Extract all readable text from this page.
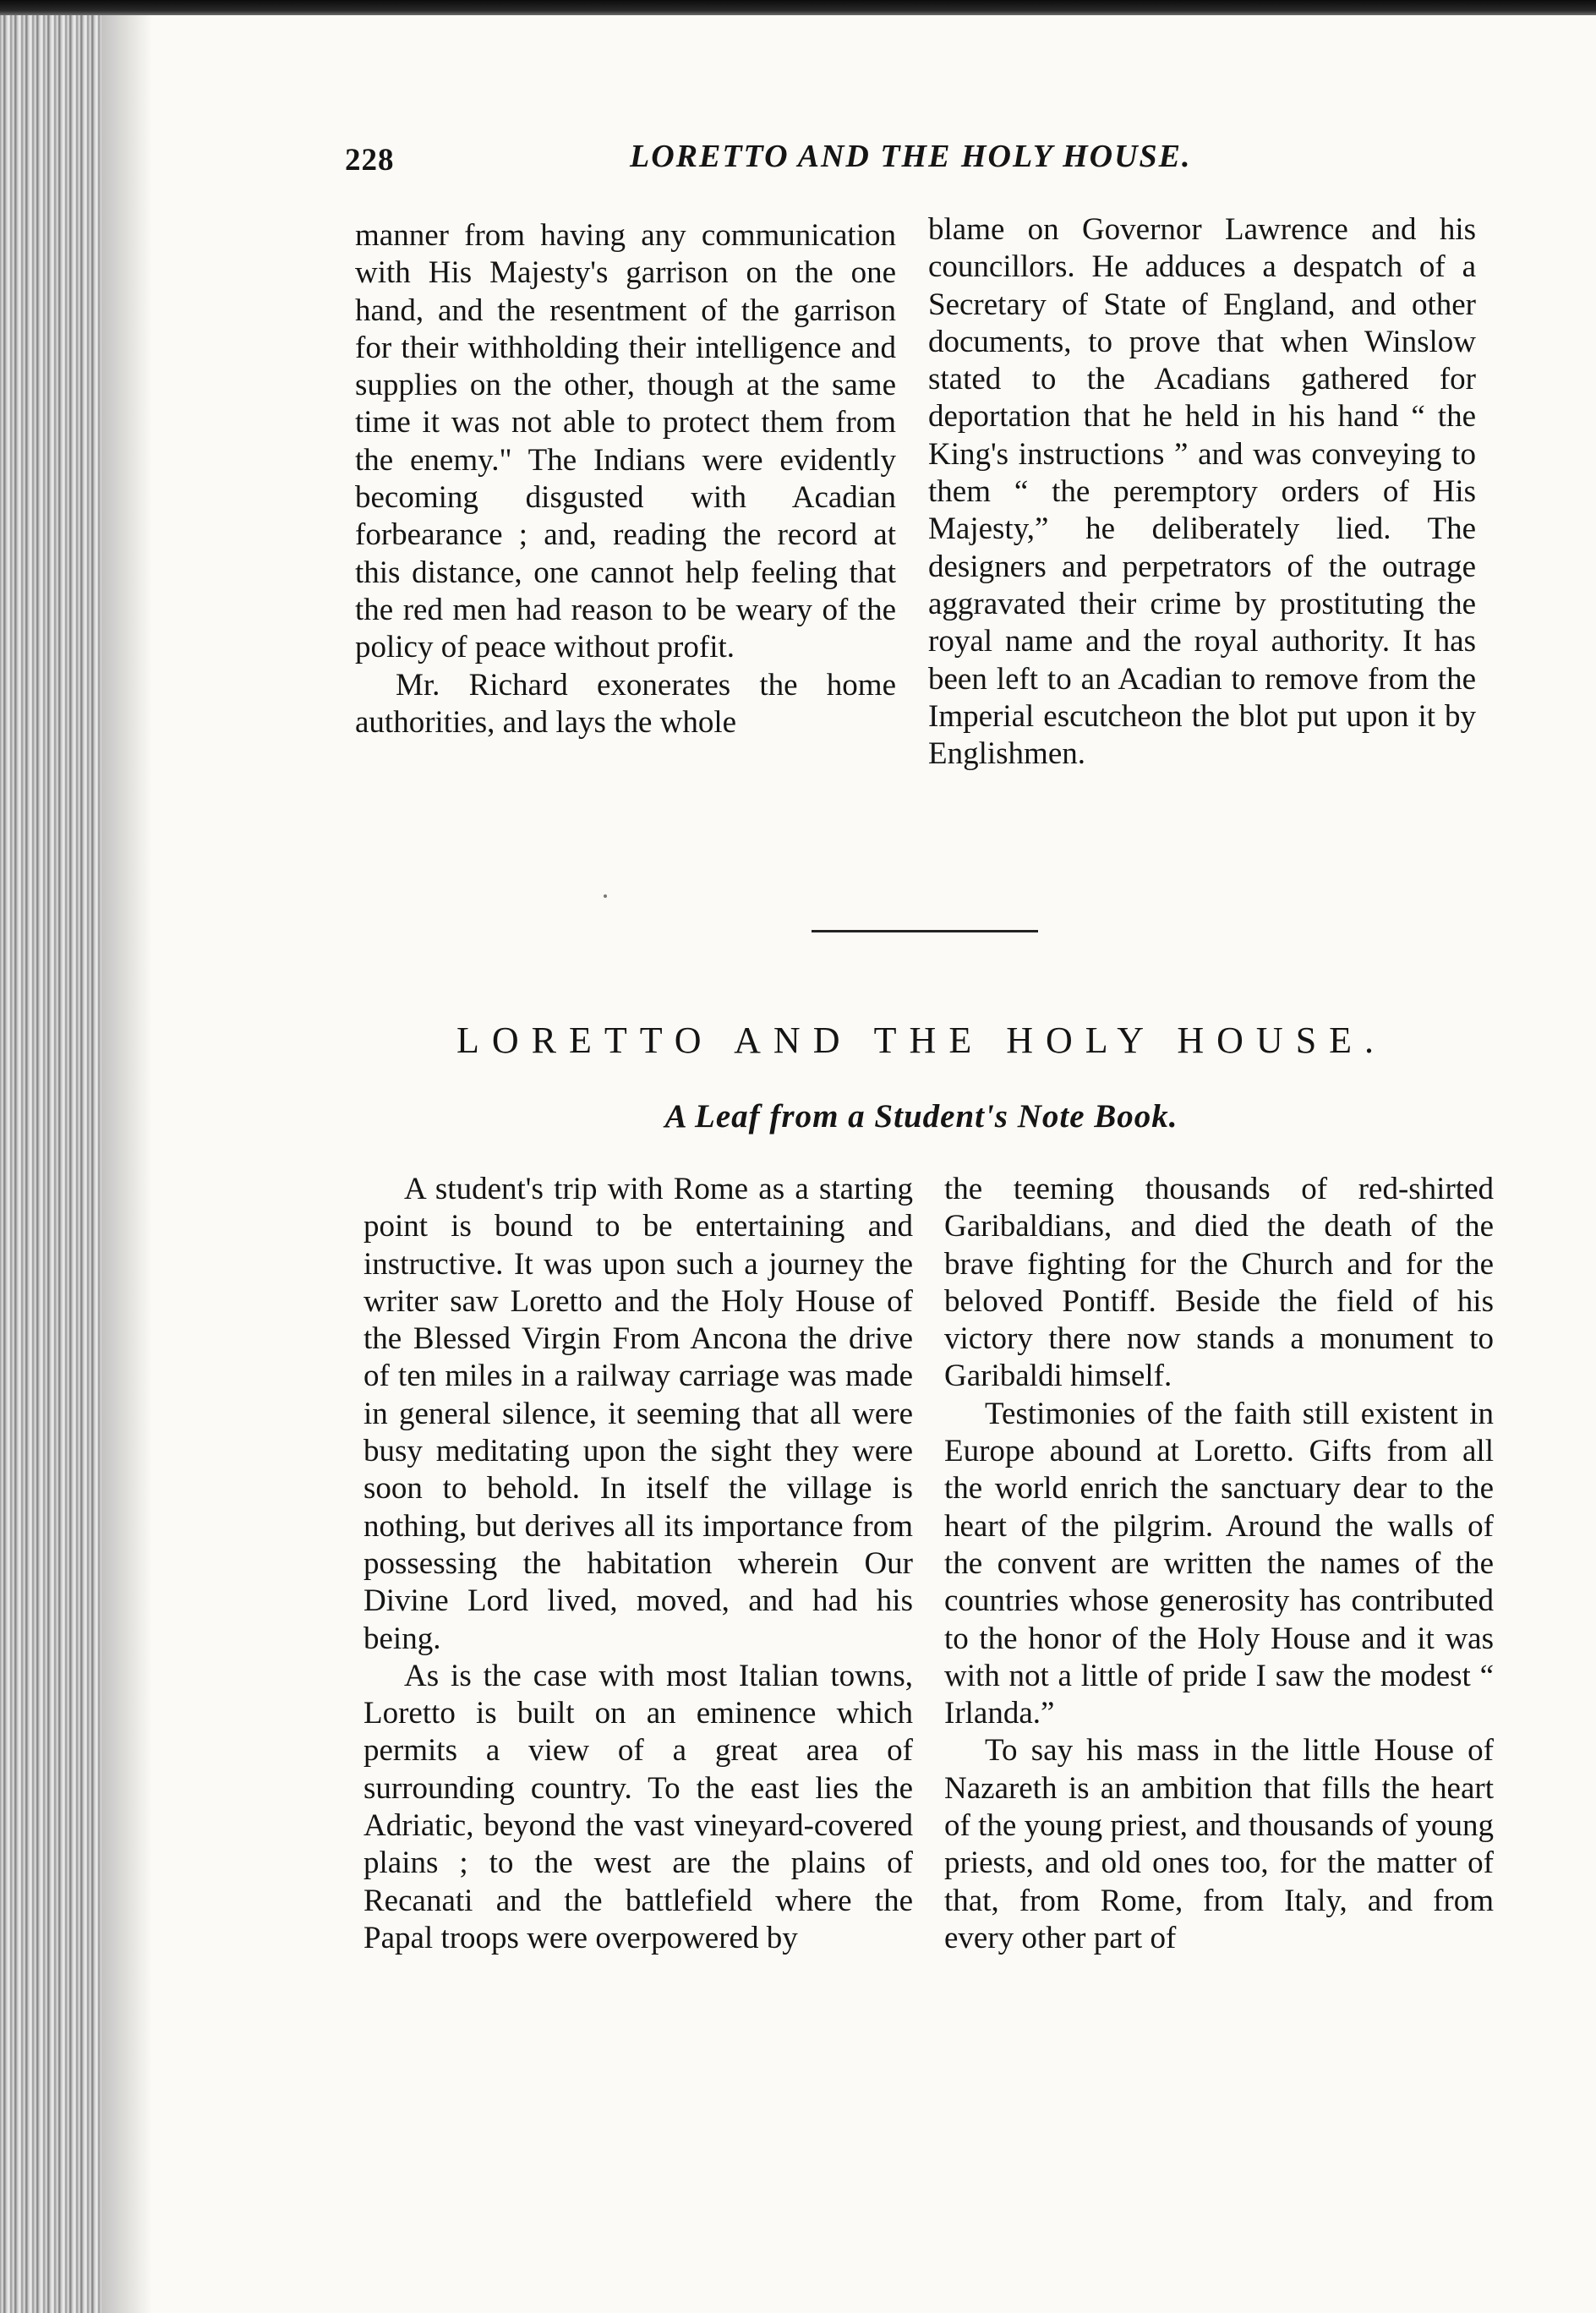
228	LORETTO AND THE HOLY HOUSE.

manner from having any communication with His Majesty's garrison on the one hand, and the resentment of the garrison for their withholding their intelligence and supplies on the other, though at the same time it was not able to protect them from the enemy." The Indians were evidently becoming disgusted with Acadian forbearance ; and, reading the record at this distance, one cannot help feeling that the red men had reason to be weary of the policy of peace without profit.

Mr. Richard exonerates the home authorities, and lays the whole

blame on Governor Lawrence and his councillors. He adduces a despatch of a Secretary of State of England, and other documents, to prove that when Winslow stated to the Acadians gathered for deportation that he held in his hand “ the King's instructions ” and was conveying to them “ the peremptory orders of His Majesty,” he deliberately lied. The designers and perpetrators of the outrage aggravated their crime by prostituting the royal name and the royal authority. It has been left to an Acadian to remove from the Imperial escutcheon the blot put upon it by Englishmen.

LORETTO AND THE HOLY HOUSE.
A Leaf from a Student's Note Book.

A student's trip with Rome as a starting point is bound to be entertaining and instructive. It was upon such a journey the writer saw Loretto and the Holy House of the Blessed Virgin From Ancona the drive of ten miles in a railway carriage was made in general silence, it seeming that all were busy meditating upon the sight they were soon to behold. In itself the village is nothing, but derives all its importance from possessing the habitation wherein Our Divine Lord lived, moved, and had his being.

As is the case with most Italian towns, Loretto is built on an eminence which permits a view of a great area of surrounding country. To the east lies the Adriatic, beyond the vast vineyard-covered plains ; to the west are the plains of Recanati and the battlefield where the Papal troops were overpowered by

the teeming thousands of red-shirted Garibaldians, and died the death of the brave fighting for the Church and for the beloved Pontiff. Beside the field of his victory there now stands a monument to Garibaldi himself.

Testimonies of the faith still existent in Europe abound at Loretto. Gifts from all the world enrich the sanctuary dear to the heart of the pilgrim. Around the walls of the convent are written the names of the countries whose generosity has contributed to the honor of the Holy House and it was with not a little of pride I saw the modest “ Irlanda.”

To say his mass in the little House of Nazareth is an ambition that fills the heart of the young priest, and thousands of young priests, and old ones too, for the matter of that, from Rome, from Italy, and from every other part of
